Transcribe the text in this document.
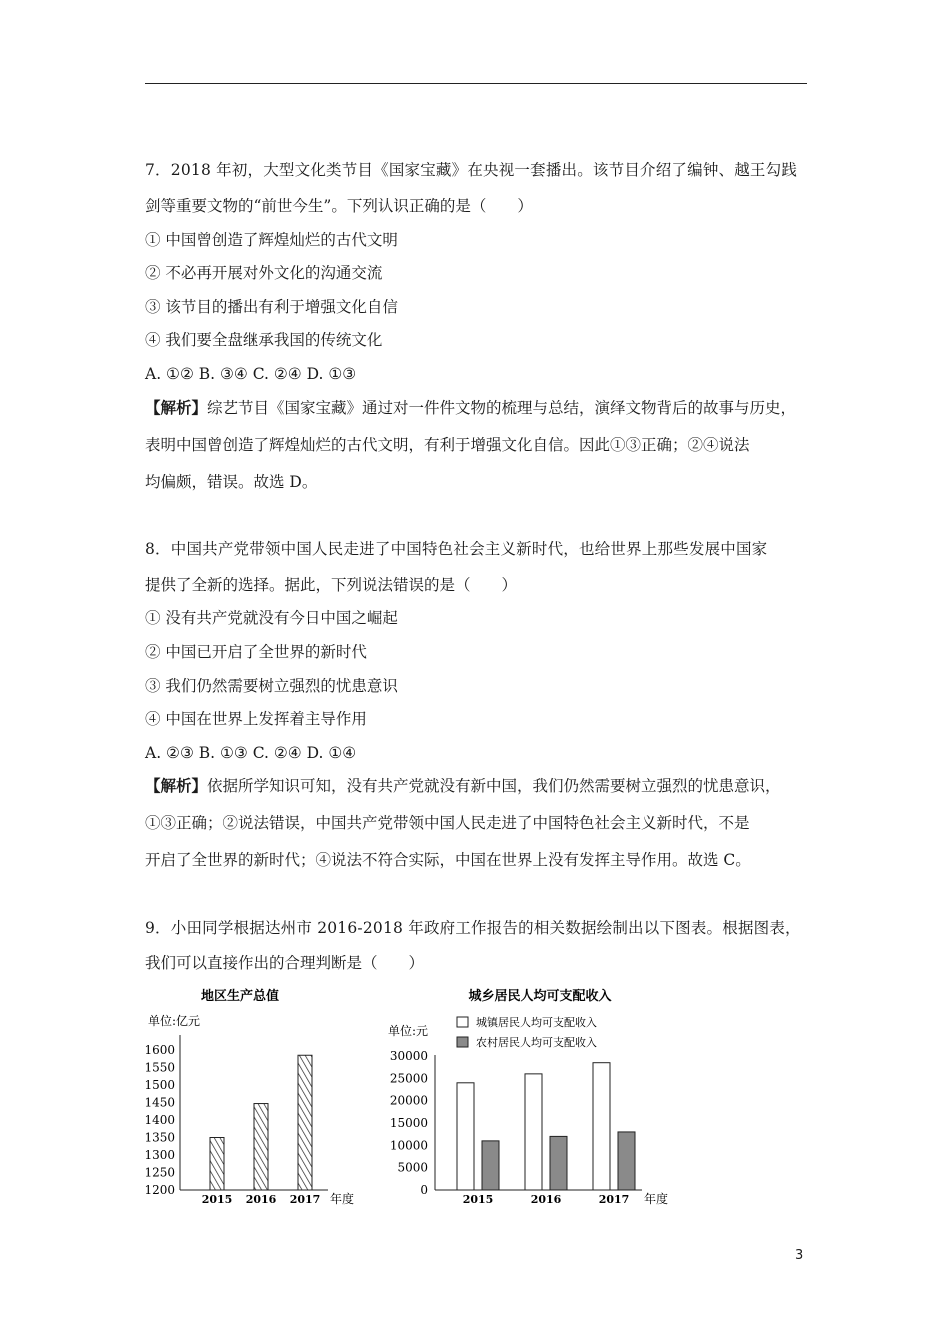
7．2018 年初，大型文化类节目《国家宝藏》在央视一套播出。该节目介绍了编钟、越王勾践
剑等重要文物的“前世今生”。下列认识正确的是（　　）
① 中国曾创造了辉煌灿烂的古代文明
② 不必再开展对外文化的沟通交流
③ 该节目的播出有利于增强文化自信
④ 我们要全盘继承我国的传统文化
A. ①② B. ③④ C. ②④ D. ①③
【解析】综艺节目《国家宝藏》通过对一件件文物的梳理与总结，演绎文物背后的故事与历史，
表明中国曾创造了辉煌灿烂的古代文明，有利于增强文化自信。因此①③正确；②④说法
均偏颇，错误。故选 D。
8．中国共产党带领中国人民走进了中国特色社会主义新时代，也给世界上那些发展中国家
提供了全新的选择。据此，下列说法错误的是（　　）
① 没有共产党就没有今日中国之崛起
② 中国已开启了全世界的新时代
③ 我们仍然需要树立强烈的忧患意识
④ 中国在世界上发挥着主导作用
A. ②③ B. ①③ C. ②④ D. ①④
【解析】依据所学知识可知，没有共产党就没有新中国，我们仍然需要树立强烈的忧患意识，
①③正确；②说法错误，中国共产党带领中国人民走进了中国特色社会主义新时代，不是
开启了全世界的新时代；④说法不符合实际，中国在世界上没有发挥主导作用。故选 C。
9．小田同学根据达州市 2016-2018 年政府工作报告的相关数据绘制出以下图表。根据图表，
我们可以直接作出的合理判断是（　　）
地区生产总值
单位:亿元
1200
1250
1300
1350
1400
1450
1500
1550
1600
2015 2016 2017 年度
城乡居民人均可支配收入
单位:元
城镇居民人均可支配收入
农村居民人均可支配收入
0
5000
10000
15000
20000
25000
30000
2015	2016	2017 年度
3
